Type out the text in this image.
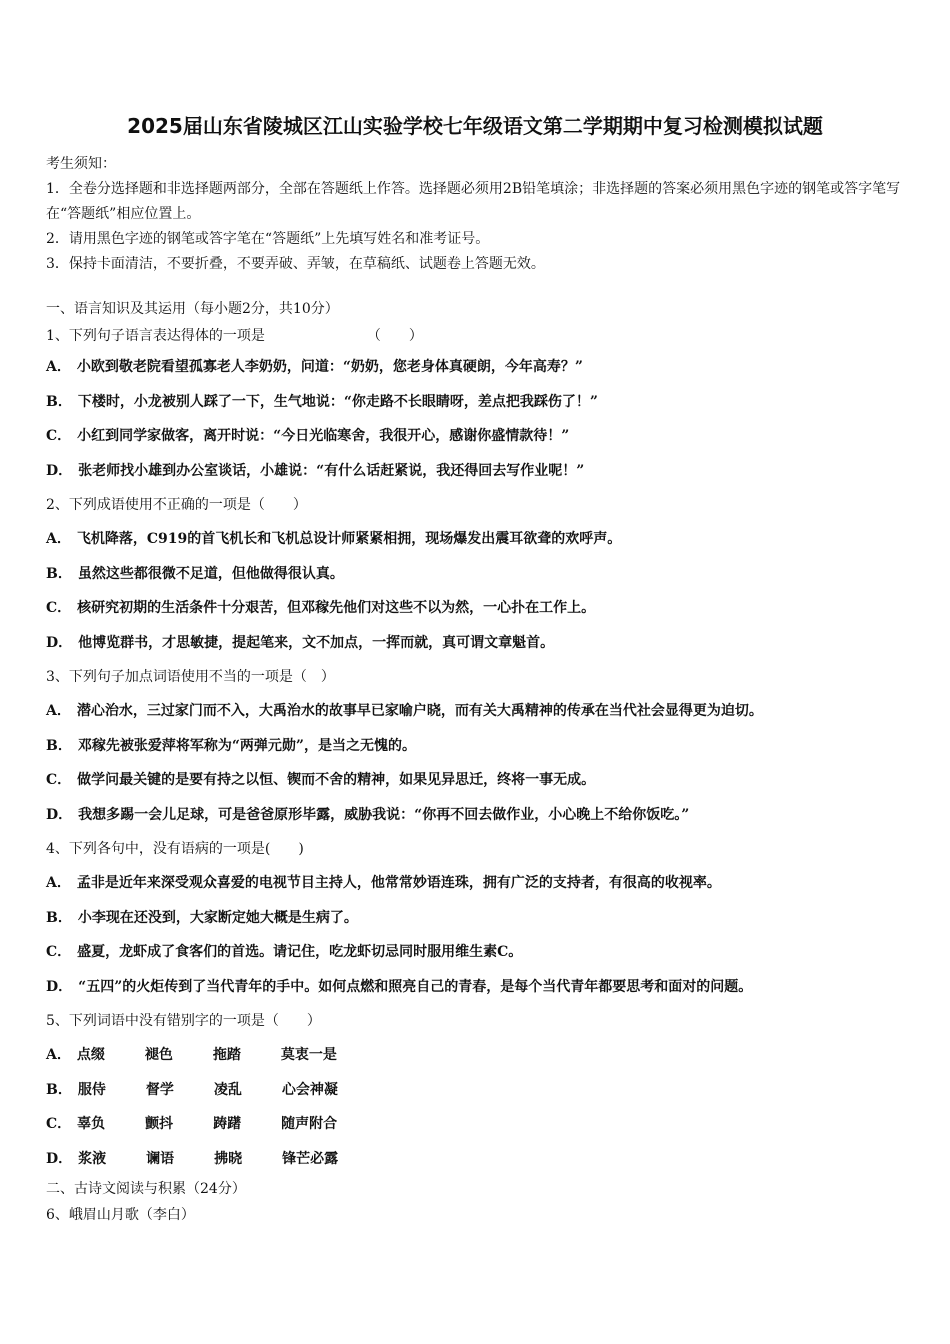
2025届山东省陵城区江山实验学校七年级语文第二学期期中复习检测模拟试题

考生须知：

1．全卷分选择题和非选择题两部分，全部在答题纸上作答。选择题必须用2B铅笔填涂；非选择题的答案必须用黑色字迹的钢笔或答字笔写在“答题纸”相应位置上。

2．请用黑色字迹的钢笔或答字笔在“答题纸”上先填写姓名和准考证号。

3．保持卡面清洁，不要折叠，不要弄破、弄皱，在草稿纸、试题卷上答题无效。

一、语言知识及其运用（每小题2分，共10分）

1、下列句子语言表达得体的一项是	（　　）

A． 小欧到敬老院看望孤寡老人李奶奶，问道：“奶奶，您老身体真硬朗，今年高寿？”

B． 下楼时，小龙被别人踩了一下，生气地说：“你走路不长眼睛呀，差点把我踩伤了！”

C． 小红到同学家做客，离开时说：“今日光临寒舍，我很开心，感谢你盛情款待！”

D． 张老师找小雄到办公室谈话，小雄说：“有什么话赶紧说，我还得回去写作业呢！”

2、下列成语使用不正确的一项是（　　）

A． 飞机降落，C919的首飞机长和飞机总设计师紧紧相拥，现场爆发出震耳欲聋的欢呼声。

B． 虽然这些都很微不足道，但他做得很认真。

C． 核研究初期的生活条件十分艰苦，但邓稼先他们对这些不以为然，一心扑在工作上。

D． 他博览群书，才思敏捷，提起笔来，文不加点，一挥而就，真可谓文章魁首。

3、下列句子加点词语使用不当的一项是（　）

A． 潜心治水，三过家门而不入，大禹治水的故事早已家喻户晓，而有关大禹精神的传承在当代社会显得更为迫切。

B． 邓稼先被张爱萍将军称为“两弹元勋”，是当之无愧的。

C． 做学问最关键的是要有持之以恒、锲而不舍的精神，如果见异思迁，终将一事无成。

D． 我想多踢一会儿足球，可是爸爸原形毕露，威胁我说：“你再不回去做作业，小心晚上不给你饭吃。”

4、下列各句中，没有语病的一项是(　　)

A． 孟非是近年来深受观众喜爱的电视节目主持人，他常常妙语连珠，拥有广泛的支持者，有很高的收视率。

B． 小李现在还没到，大家断定她大概是生病了。

C． 盛夏，龙虾成了食客们的首选。请记住，吃龙虾切忌同时服用维生素C。

D． “五四”的火炬传到了当代青年的手中。如何点燃和照亮自己的青春，是每个当代青年都要思考和面对的问题。

5、下列词语中没有错别字的一项是（　　）

A． 点缀	褪色	拖踏	莫衷一是

B． 服侍	督学	凌乱	心会神凝

C． 辜负	颤抖	踌躇	随声附合

D． 浆液	谰语	拂晓	锋芒必露

二、古诗文阅读与积累（24分）

6、峨眉山月歌（李白）
